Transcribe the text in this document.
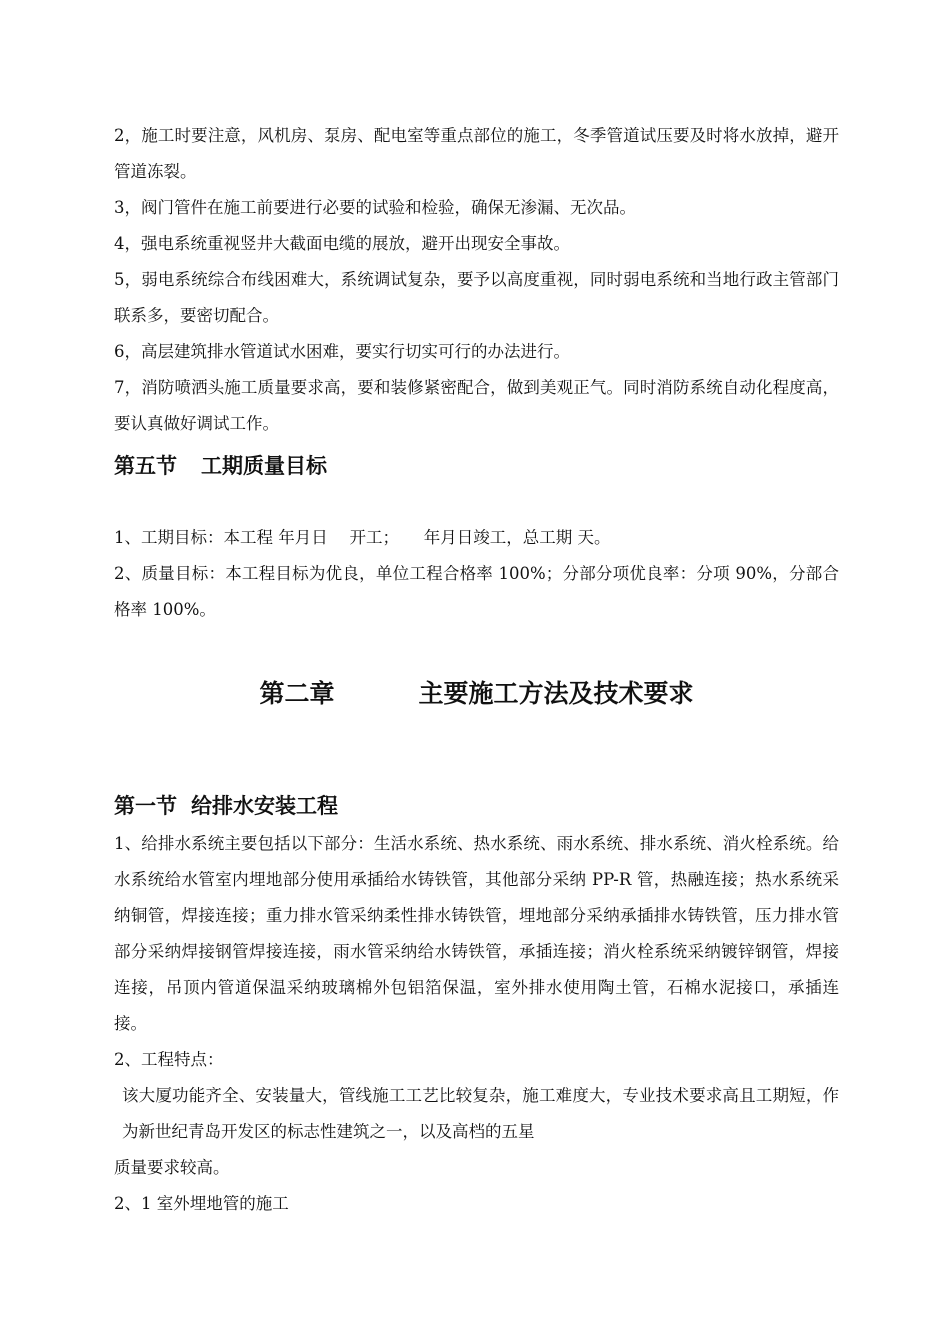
2，施工时要注意，风机房、泵房、配电室等重点部位的施工，冬季管道试压要及时将水放掉，避开管道冻裂。

3，阀门管件在施工前要进行必要的试验和检验，确保无渗漏、无次品。

4，强电系统重视竖井大截面电缆的展放，避开出现安全事故。

5，弱电系统综合布线困难大，系统调试复杂，要予以高度重视，同时弱电系统和当地行政主管部门联系多，要密切配合。

6，高层建筑排水管道试水困难，要实行切实可行的办法进行。

7，消防喷洒头施工质量要求高，要和装修紧密配合，做到美观正气。同时消防系统自动化程度高，要认真做好调试工作。

第五节 工期质量目标

1、工期目标：本工程 年月日 　开工；　　年月日竣工，总工期 天。

2、质量目标：本工程目标为优良，单位工程合格率 100%；分部分项优良率：分项 90%，分部合格率 100%。

第二章	主要施工方法及技术要求
第一节 给排水安装工程

1、给排水系统主要包括以下部分：生活水系统、热水系统、雨水系统、排水系统、消火栓系统。给水系统给水管室内埋地部分使用承插给水铸铁管，其他部分采纳 PP-R 管，热融连接；热水系统采纳铜管，焊接连接；重力排水管采纳柔性排水铸铁管，埋地部分采纳承插排水铸铁管，压力排水管部分采纳焊接钢管焊接连接，雨水管采纳给水铸铁管，承插连接；消火栓系统采纳镀锌钢管，焊接连接，吊顶内管道保温采纳玻璃棉外包铝箔保温，室外排水使用陶土管，石棉水泥接口，承插连接。

2、工程特点：

该大厦功能齐全、安装量大，管线施工工艺比较复杂，施工难度大，专业技术要求高且工期短，作为新世纪青岛开发区的标志性建筑之一，以及高档的五星

质量要求较高。

2、1 室外埋地管的施工
